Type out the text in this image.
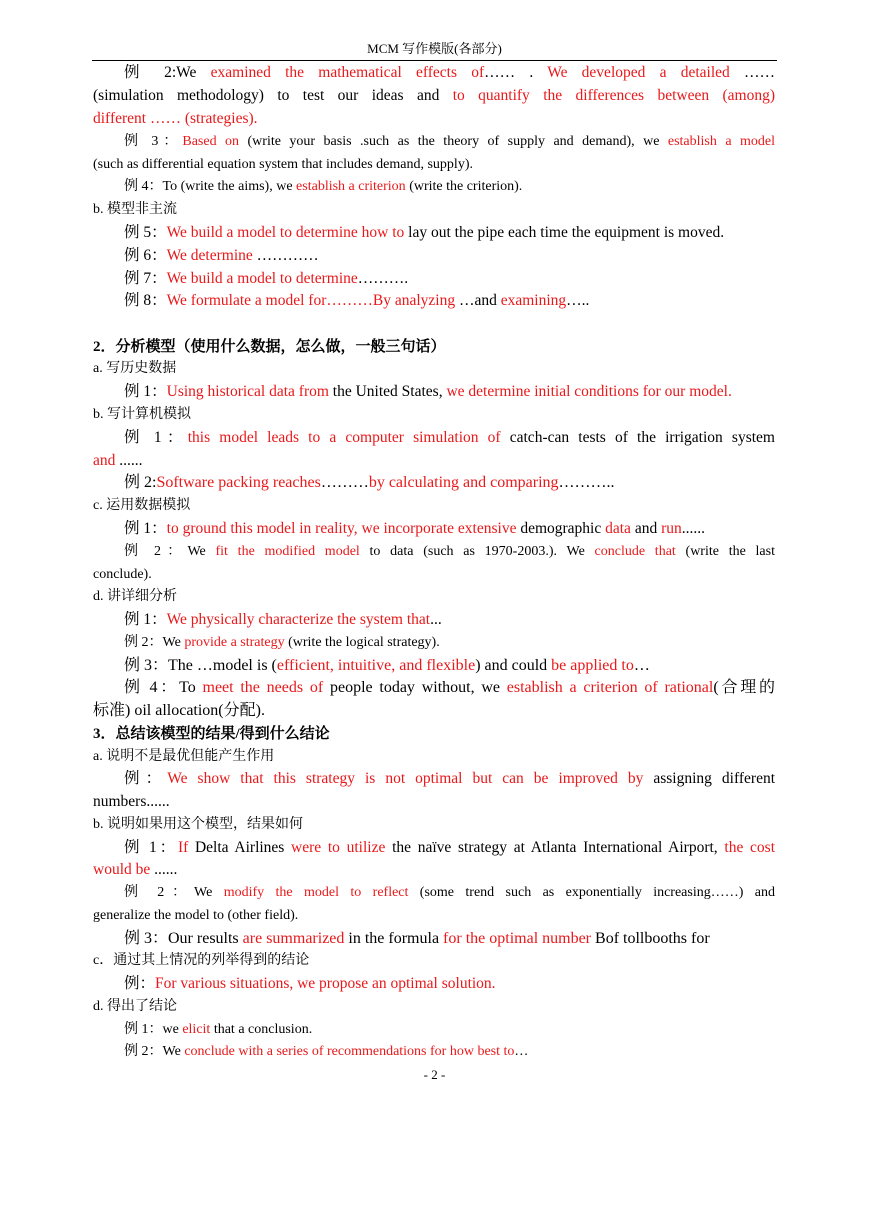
MCM 写作模版(各部分)
例 2:We examined the mathematical effects of…… . We developed a detailed ……
(simulation methodology) to test our ideas and to quantify the differences between (among)
different …… (strategies).
例 3：Based on (write your basis .such as the theory of supply and demand), we establish a model
(such as differential equation system that includes demand, supply).
例 4：To (write the aims), we establish a criterion (write the criterion).
b. 模型非主流
例 5：We build a model to determine how to lay out the pipe each time the equipment is moved.
例 6：We determine …………
例 7：We build a model to determine……….
例 8：We formulate a model for………By analyzing …and examining…..
2．分析模型（使用什么数据，怎么做，一般三句话）
a. 写历史数据
例 1：Using historical data from the United States, we determine initial conditions for our model.
b. 写计算机模拟
例 1：this model leads to a computer simulation of catch-can tests of the irrigation system
and ......
例 2:Software packing reaches………by calculating and comparing………..
c. 运用数据模拟
例 1：to ground this model in reality, we incorporate extensive demographic data and run......
例 2：We fit the modified model to data (such as 1970-2003.). We conclude that (write the last
conclude).
d. 讲详细分析
例 1：We physically characterize the system that...
例 2：We provide a strategy (write the logical strategy).
例 3：The …model is (efficient, intuitive, and flexible) and could be applied to…
例 4：To meet the needs of people today without, we establish a criterion of rational(合理的
标准) oil allocation(分配).
3．总结该模型的结果/得到什么结论
a. 说明不是最优但能产生作用
例：We show that this strategy is not optimal but can be improved by assigning different
numbers......
b. 说明如果用这个模型，结果如何
例 1：If Delta Airlines were to utilize the naïve strategy at Atlanta International Airport, the cost
would be ......
例 2：We modify the model to reflect (some trend such as exponentially increasing……) and
generalize the model to (other field).
例 3：Our results are summarized in the formula for the optimal number Bof tollbooths for
c．通过其上情况的列举得到的结论
例：For various situations, we propose an optimal solution.
d. 得出了结论
例 1：we elicit that a conclusion.
例 2：We conclude with a series of recommendations for how best to…
- 2 -
